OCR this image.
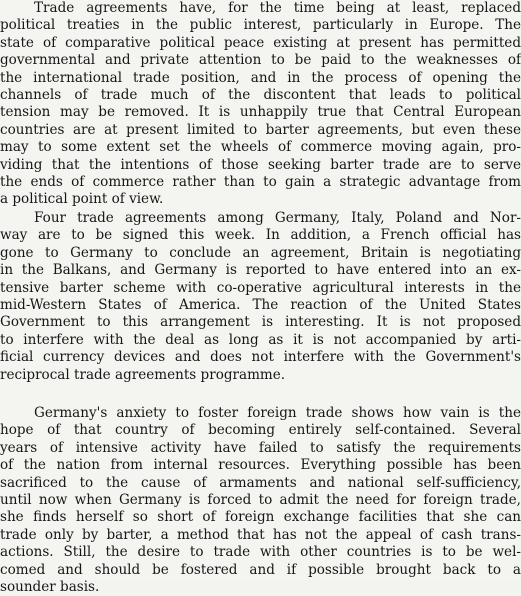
Trade agreements have, for the time being at least, replaced
political treaties in the public interest, particularly in Europe. The
state of comparative political peace existing at present has permitted
governmental and private attention to be paid to the weaknesses of
the international trade position, and in the process of opening the
channels of trade much of the discontent that leads to political
tension may be removed. It is unhappily true that Central European
countries are at present limited to barter agreements, but even these
may to some extent set the wheels of commerce moving again, pro-
viding that the intentions of those seeking barter trade are to serve
the ends of commerce rather than to gain a strategic advantage from
a political point of view.
Four trade agreements among Germany, Italy, Poland and Nor-
way are to be signed this week. In addition, a French official has
gone to Germany to conclude an agreement, Britain is negotiating
in the Balkans, and Germany is reported to have entered into an ex-
tensive barter scheme with co-operative agricultural interests in the
mid-Western States of America. The reaction of the United States
Government to this arrangement is interesting. It is not proposed
to interfere with the deal as long as it is not accompanied by arti-
ficial currency devices and does not interfere with the Government's
reciprocal trade agreements programme.
Germany's anxiety to foster foreign trade shows how vain is the
hope of that country of becoming entirely self-contained. Several
years of intensive activity have failed to satisfy the requirements
of the nation from internal resources. Everything possible has been
sacrificed to the cause of armaments and national self-sufficiency,
until now when Germany is forced to admit the need for foreign trade,
she finds herself so short of foreign exchange facilities that she can
trade only by barter, a method that has not the appeal of cash trans-
actions. Still, the desire to trade with other countries is to be wel-
comed and should be fostered and if possible brought back to a
sounder basis.
